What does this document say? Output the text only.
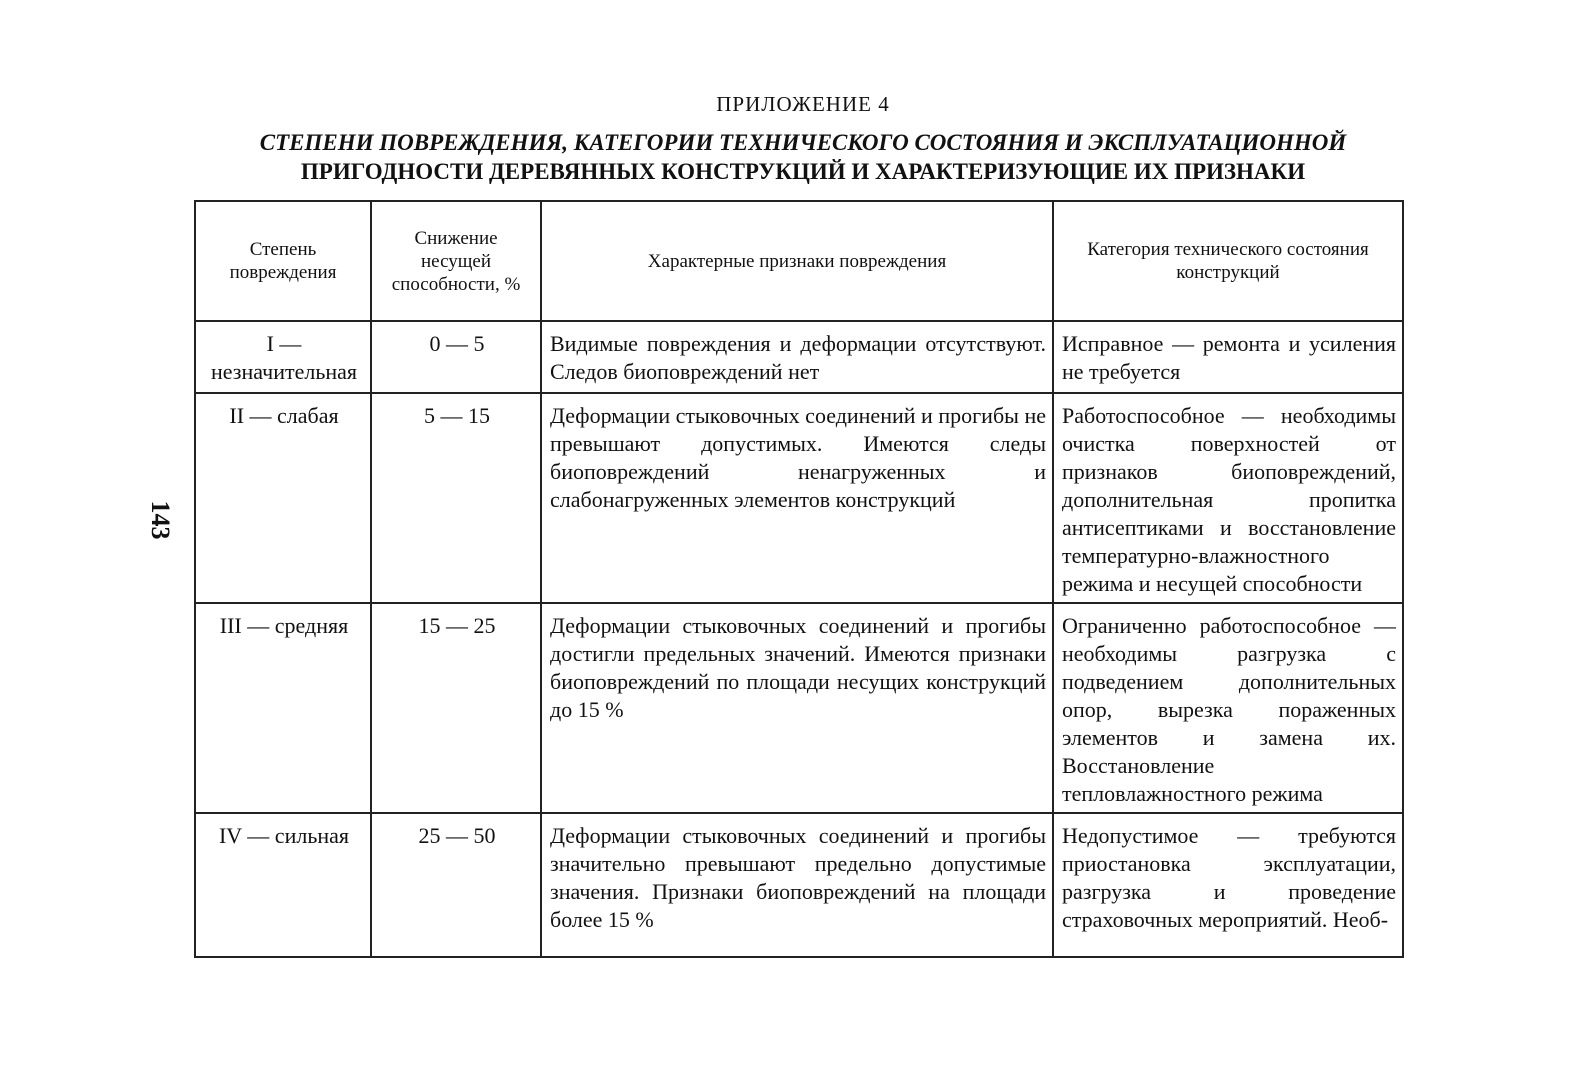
ПРИЛОЖЕНИЕ 4
СТЕПЕНИ ПОВРЕЖДЕНИЯ, КАТЕГОРИИ ТЕХНИЧЕСКОГО СОСТОЯНИЯ И ЭКСПЛУАТАЦИОННОЙ
ПРИГОДНОСТИ ДЕРЕВЯННЫХ КОНСТРУКЦИЙ И ХАРАКТЕРИЗУЮЩИЕ ИХ ПРИЗНАКИ
143
Степень повреждения	Снижение несущей способности, %	Характерные признаки повреждения	Категория технического состояния конструкций
I — незначительная	0 — 5	Видимые повреждения и деформации отсутствуют. Следов биоповреждений нет	Исправное — ремонта и усиления не требуется
II — слабая	5 — 15	Деформации стыковочных соединений и прогибы не превышают допустимых. Имеются следы биоповреждений ненагруженных и слабонагруженных элементов конструкций	Работоспособное — необходимы очистка поверхностей от признаков биоповреждений, дополнительная пропитка антисептиками и восстановление температурно-влажностного режима и несущей способности
III — средняя	15 — 25	Деформации стыковочных соединений и прогибы достигли предельных значений. Имеются признаки биоповреждений по площади несущих конструкций до 15 %	Ограниченно работоспособное — необходимы разгрузка с подведением дополнительных опор, вырезка пораженных элементов и замена их. Восстановление тепловлажностного режима
IV — сильная	25 — 50	Деформации стыковочных соединений и прогибы значительно превышают предельно допустимые значения. Признаки биоповреждений на площади более 15 %	Недопустимое — требуются приостановка эксплуатации, разгрузка и проведение страховочных мероприятий. Необ-
